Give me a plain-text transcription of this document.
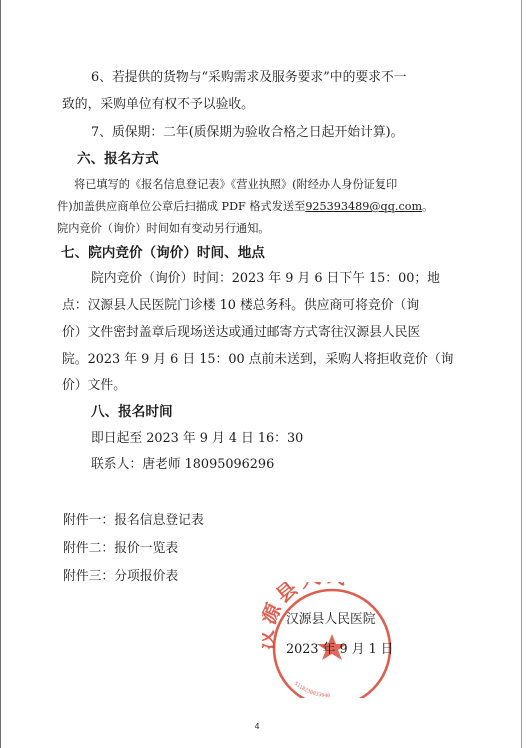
6、若提供的货物与“采购需求及服务要求”中的要求不一
致的，采购单位有权不予以验收。
7、质保期：二年(质保期为验收合格之日起开始计算)。
六、报名方式
将已填写的《报名信息登记表》《营业执照》(附经办人身份证复印
件)加盖供应商单位公章后扫描成 PDF 格式发送至925393489@qq.com。
院内竞价（询价）时间如有变动另行通知。
七、院内竞价（询价）时间、地点
院内竞价（询价）时间：2023 年 9 月 6 日下午 15：00；地
点：汉源县人民医院门诊楼 10 楼总务科。供应商可将竞价（询
价）文件密封盖章后现场送达或通过邮寄方式寄往汉源县人民医
院。2023 年 9 月 6 日 15：00 点前未送到，采购人将拒收竞价（询
价）文件。
八、报名时间
即日起至 2023 年 9 月 4 日 16：30
联系人：唐老师 18095096296
附件一：报名信息登记表
附件二：报价一览表
附件三：分项报价表	县
5118230033940
汉源县人民医院
2023 年 9 月 1 日
4
